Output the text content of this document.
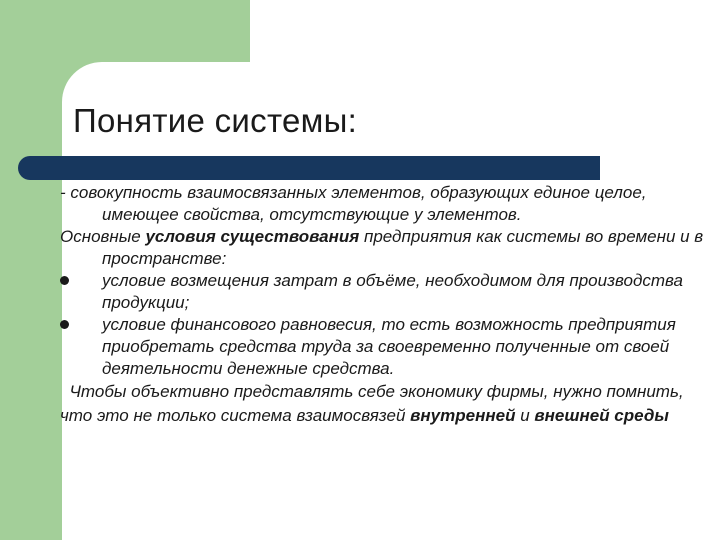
Понятие системы:

- совокупность взаимосвязанных элементов, образующих единое целое, имеющее свойства, отсутствующие у элементов.

Основные условия существования предприятия как системы во времени и в пространстве:

условие возмещения затрат в объёме, необходимом для производства продукции;
условие финансового равновесия, то есть возможность предприятия приобретать средства труда за своевременно полученные от своей деятельности денежные средства.

Чтобы объективно представлять себе экономику фирмы, нужно помнить, что это не только система взаимосвязей внутренней и внешней среды
